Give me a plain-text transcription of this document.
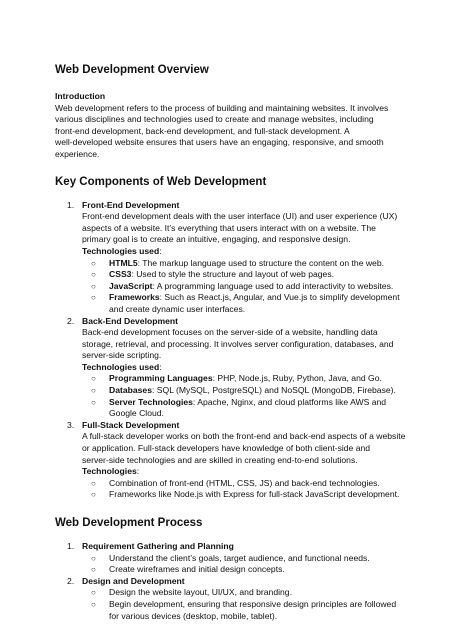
Web Development Overview
Introduction
Web development refers to the process of building and maintaining websites. It involves
various disciplines and technologies used to create and manage websites, including
front-end development, back-end development, and full-stack development. A
well-developed website ensures that users have an engaging, responsive, and smooth
experience.
Key Components of Web Development
1. Front-End Development
Front-end development deals with the user interface (UI) and user experience (UX)
aspects of a website. It’s everything that users interact with on a website. The
primary goal is to create an intuitive, engaging, and responsive design.
Technologies used:
○ HTML5: The markup language used to structure the content on the web.
○ CSS3: Used to style the structure and layout of web pages.
○ JavaScript: A programming language used to add interactivity to websites.
○ Frameworks: Such as React.js, Angular, and Vue.js to simplify development
and create dynamic user interfaces.
2. Back-End Development
Back-end development focuses on the server-side of a website, handling data
storage, retrieval, and processing. It involves server configuration, databases, and
server-side scripting.
Technologies used:
○ Programming Languages: PHP, Node.js, Ruby, Python, Java, and Go.
○ Databases: SQL (MySQL, PostgreSQL) and NoSQL (MongoDB, Firebase).
○ Server Technologies: Apache, Nginx, and cloud platforms like AWS and
Google Cloud.
3. Full-Stack Development
A full-stack developer works on both the front-end and back-end aspects of a website
or application. Full-stack developers have knowledge of both client-side and
server-side technologies and are skilled in creating end-to-end solutions.
Technologies:
○ Combination of front-end (HTML, CSS, JS) and back-end technologies.
○ Frameworks like Node.js with Express for full-stack JavaScript development.
Web Development Process
1. Requirement Gathering and Planning
○ Understand the client’s goals, target audience, and functional needs.
○ Create wireframes and initial design concepts.
2. Design and Development
○ Design the website layout, UI/UX, and branding.
○ Begin development, ensuring that responsive design principles are followed
for various devices (desktop, mobile, tablet).
